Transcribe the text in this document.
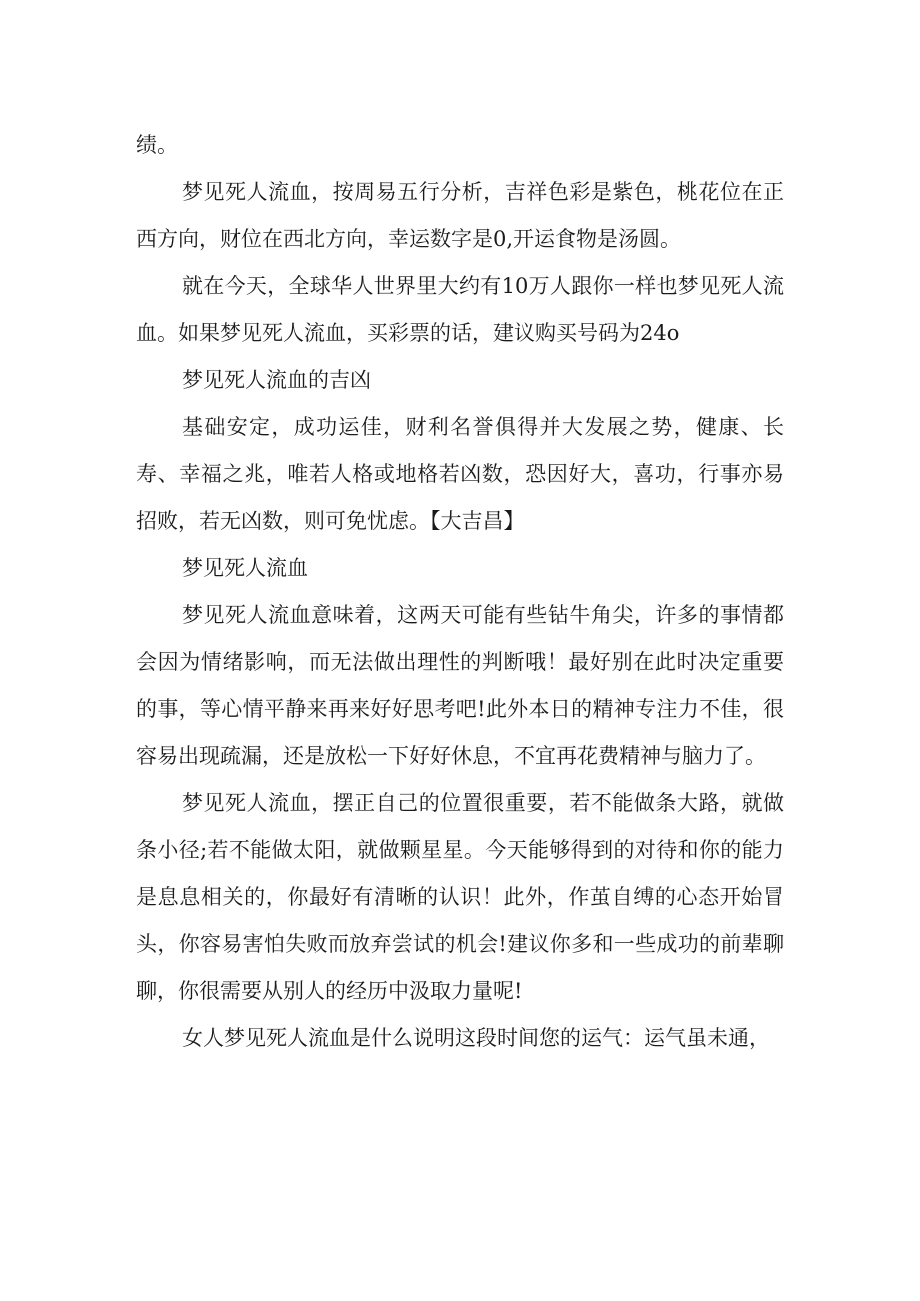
绩。

梦见死人流血，按周易五行分析，吉祥色彩是紫色，桃花位在正西方向，财位在西北方向，幸运数字是0,开运食物是汤圆。

就在今天，全球华人世界里大约有10万人跟你一样也梦见死人流血。如果梦见死人流血，买彩票的话，建议购买号码为24o

梦见死人流血的吉凶

基础安定，成功运佳，财利名誉俱得并大发展之势，健康、长寿、幸福之兆，唯若人格或地格若凶数，恐因好大，喜功，行事亦易招败，若无凶数，则可免忧虑。【大吉昌】

梦见死人流血

梦见死人流血意味着，这两天可能有些钻牛角尖，许多的事情都会因为情绪影响，而无法做出理性的判断哦！最好别在此时决定重要的事，等心情平静来再来好好思考吧!此外本日的精神专注力不佳，很容易出现疏漏，还是放松一下好好休息，不宜再花费精神与脑力了。

梦见死人流血，摆正自己的位置很重要，若不能做条大路，就做条小径;若不能做太阳，就做颗星星。今天能够得到的对待和你的能力是息息相关的，你最好有清晰的认识！此外，作茧自缚的心态开始冒头，你容易害怕失败而放弃尝试的机会!建议你多和一些成功的前辈聊聊，你很需要从别人的经历中汲取力量呢!

女人梦见死人流血是什么说明这段时间您的运气：运气虽未通，
